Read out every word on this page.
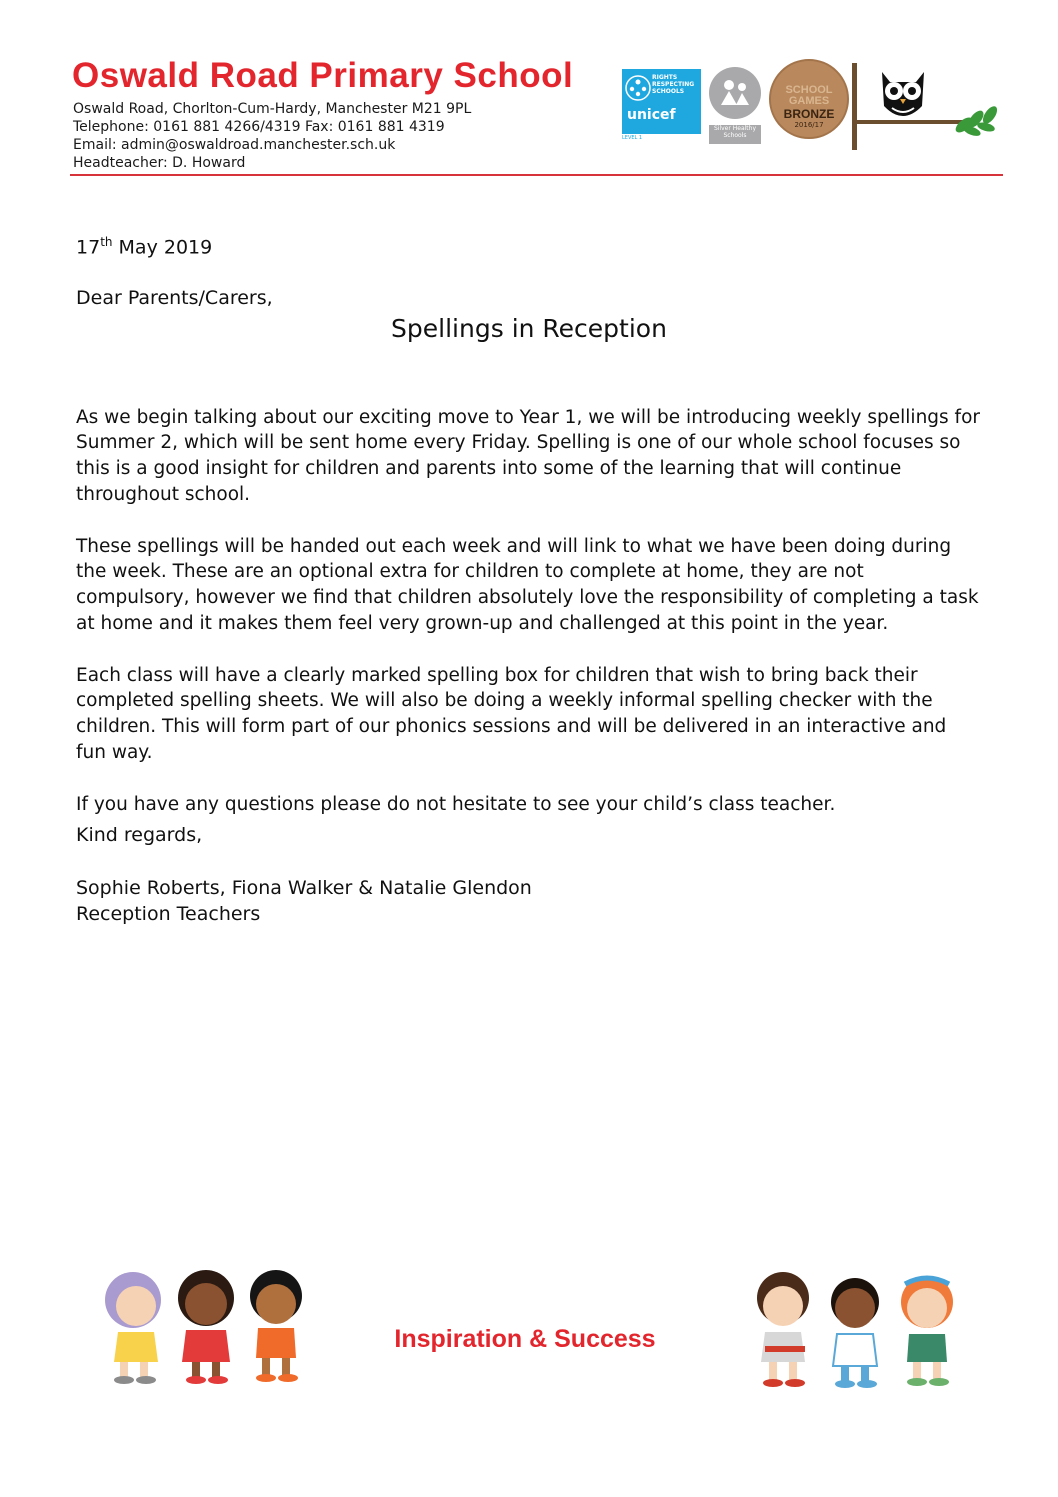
Oswald Road Primary School
Oswald Road, Chorlton-Cum-Hardy, Manchester M21 9PL
Telephone: 0161 881 4266/4319 Fax: 0161 881 4319
Email: admin@oswaldroad.manchester.sch.uk
Headteacher: D. Howard
RIGHTS
RESPECTING
SCHOOLS
unicef
LEVEL 1
Silver Healthy Schools
SCHOOL GAMES
BRONZE
2016/17
17th May 2019
Dear Parents/Carers,
Spellings in Reception

As we begin talking about our exciting move to Year 1, we will be introducing weekly spellings for Summer 2, which will be sent home every Friday. Spelling is one of our whole school focuses so this is a good insight for children and parents into some of the learning that will continue throughout school.

These spellings will be handed out each week and will link to what we have been doing during the week. These are an optional extra for children to complete at home, they are not compulsory, however we find that children absolutely love the responsibility of completing a task at home and it makes them feel very grown-up and challenged at this point in the year.

Each class will have a clearly marked spelling box for children that wish to bring back their completed spelling sheets. We will also be doing a weekly informal spelling checker with the children. This will form part of our phonics sessions and will be delivered in an interactive and fun way.

If you have any questions please do not hesitate to see your child’s class teacher.

Kind regards,
Sophie Roberts, Fiona Walker & Natalie Glendon
Reception Teachers
Inspiration & Success
